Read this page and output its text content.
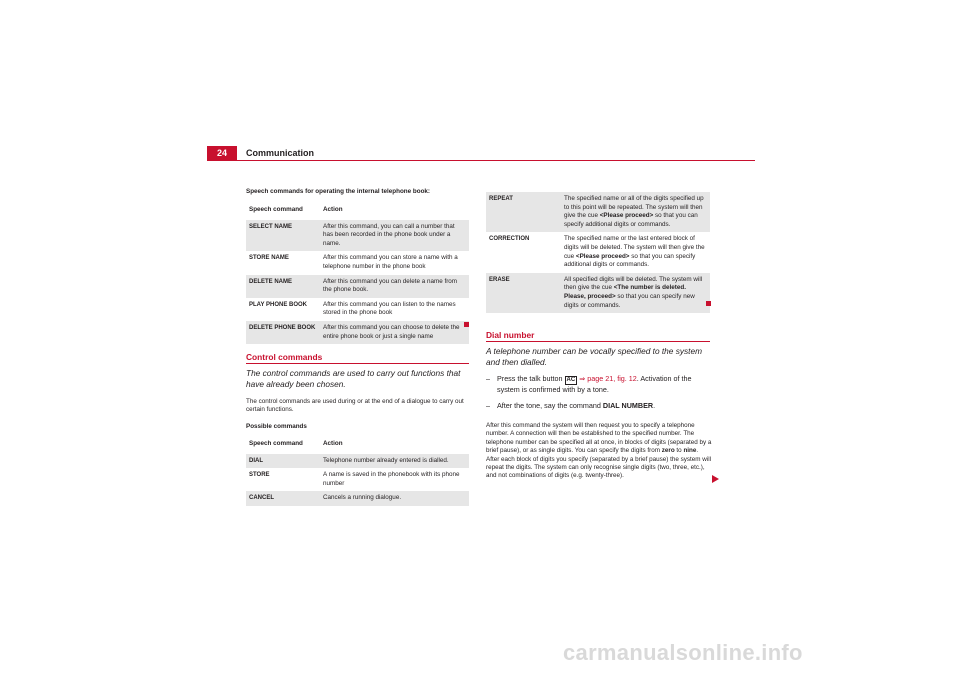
24	Communication
Speech commands for operating the internal telephone book:
Speech command	Action
SELECT NAME	After this command, you can call a number that has been recorded in the phone book under a name.
STORE NAME	After this command you can store a name with a telephone number in the phone book
DELETE NAME	After this command you can delete a name from the phone book.
PLAY PHONE BOOK	After this command you can listen to the names stored in the phone book
DELETE PHONE BOOK	After this command you can choose to delete the entire phone book or just a single name
Control commands
The control commands are used to carry out functions that have already been chosen.
The control commands are used during or at the end of a dialogue to carry out certain functions.
Possible commands
Speech command	Action
DIAL	Telephone number already entered is dialled.
STORE	A name is saved in the phonebook with its phone number
CANCEL	Cancels a running dialogue.
REPEAT	The specified name or all of the digits specified up to this point will be repeated. The system will then give the cue <Please proceed> so that you can specify additional digits or commands.
CORRECTION	The specified name or the last entered block of digits will be deleted. The system will then give the cue <Please proceed> so that you can specify additional digits or commands.
ERASE	All specified digits will be deleted. The system will then give the cue <The number is deleted. Please, proceed> so that you can specify new digits or commands.
Dial number
A telephone number can be vocally specified to the system and then dialled.
– Press the talk button AC ⇒ page 21, fig. 12. Activation of the system is confirmed with by a tone.
– After the tone, say the command DIAL NUMBER.
After this command the system will then request you to specify a telephone number. A connection will then be established to the specified number. The telephone number can be specified all at once, in blocks of digits (separated by a brief pause), or as single digits. You can specify the digits from zero to nine. After each block of digits you specify (separated by a brief pause) the system will repeat the digits. The system can only recognise single digits (two, three, etc.), and not combinations of digits (e.g. twenty-three).
carmanualsonline.info
